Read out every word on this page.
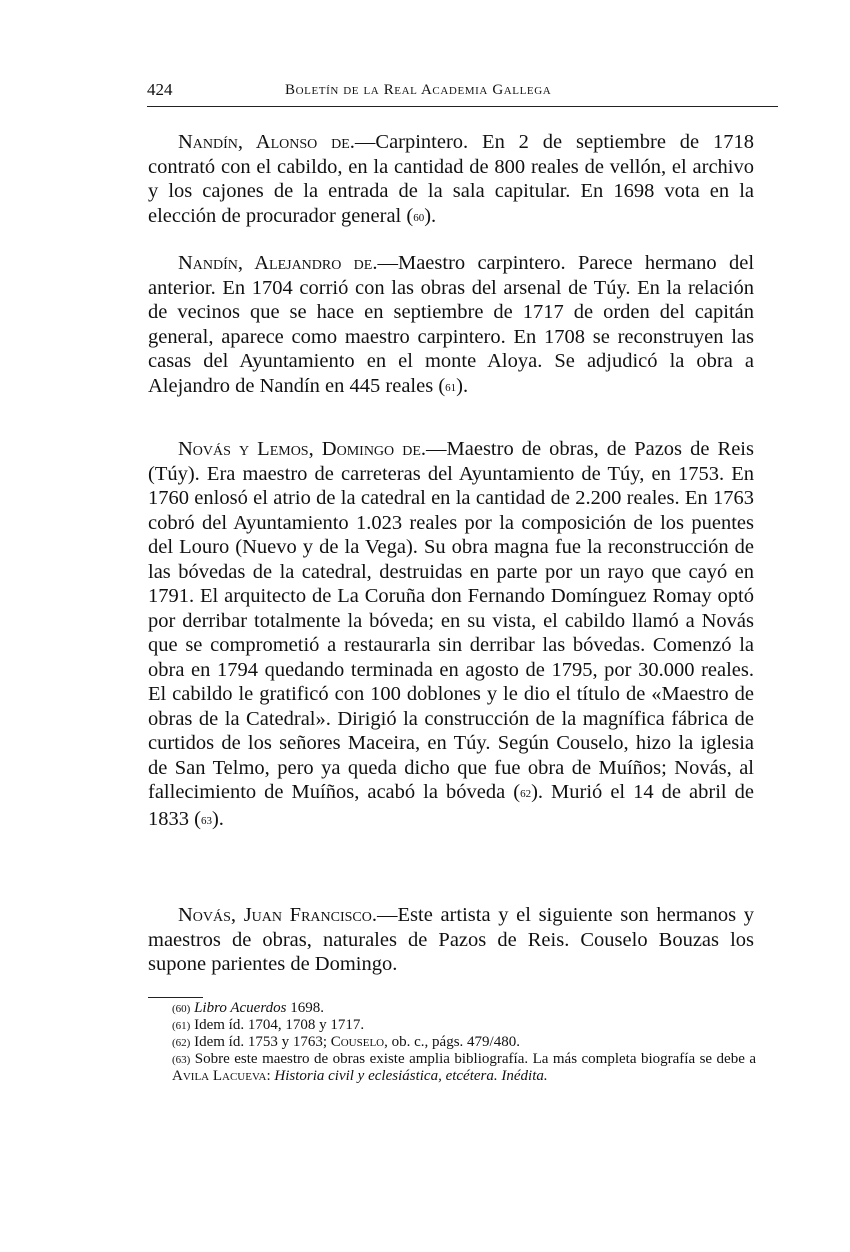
424	Boletín de la Real Academia Gallega

Nandín, Alonso de.—Carpintero. En 2 de septiembre de 1718 contrató con el cabildo, en la cantidad de 800 reales de vellón, el archivo y los cajones de la entrada de la sala capitular. En 1698 vota en la elección de procurador general (60).

Nandín, Alejandro de.—Maestro carpintero. Parece hermano del anterior. En 1704 corrió con las obras del arsenal de Túy. En la relación de vecinos que se hace en septiembre de 1717 de orden del capitán general, aparece como maestro carpintero. En 1708 se reconstruyen las casas del Ayuntamiento en el monte Aloya. Se adjudicó la obra a Alejandro de Nandín en 445 reales (61).

Novás y Lemos, Domingo de.—Maestro de obras, de Pazos de Reis (Túy). Era maestro de carreteras del Ayuntamiento de Túy, en 1753. En 1760 enlosó el atrio de la catedral en la cantidad de 2.200 reales. En 1763 cobró del Ayuntamiento 1.023 reales por la composición de los puentes del Louro (Nuevo y de la Vega). Su obra magna fue la reconstrucción de las bóvedas de la catedral, destruidas en parte por un rayo que cayó en 1791. El arquitecto de La Coruña don Fernando Domínguez Romay optó por derribar totalmente la bóveda; en su vista, el cabildo llamó a Novás que se comprometió a restaurarla sin derribar las bóvedas. Comenzó la obra en 1794 quedando terminada en agosto de 1795, por 30.000 reales. El cabildo le gratificó con 100 doblones y le dio el título de «Maestro de obras de la Catedral». Dirigió la construcción de la magnífica fábrica de curtidos de los señores Maceira, en Túy. Según Couselo, hizo la iglesia de San Telmo, pero ya queda dicho que fue obra de Muíños; Novás, al fallecimiento de Muíños, acabó la bóveda (62). Murió el 14 de abril de 1833 (63).

Novás, Juan Francisco.—Este artista y el siguiente son hermanos y maestros de obras, naturales de Pazos de Reis. Couselo Bouzas los supone parientes de Domingo.

(60) Libro Acuerdos 1698.

(61) Idem íd. 1704, 1708 y 1717.

(62) Idem íd. 1753 y 1763; Couselo, ob. c., págs. 479/480.

(63) Sobre este maestro de obras existe amplia bibliografía. La más completa biografía se debe a Avila Lacueva: Historia civil y eclesiástica, etcétera. Inédita.
